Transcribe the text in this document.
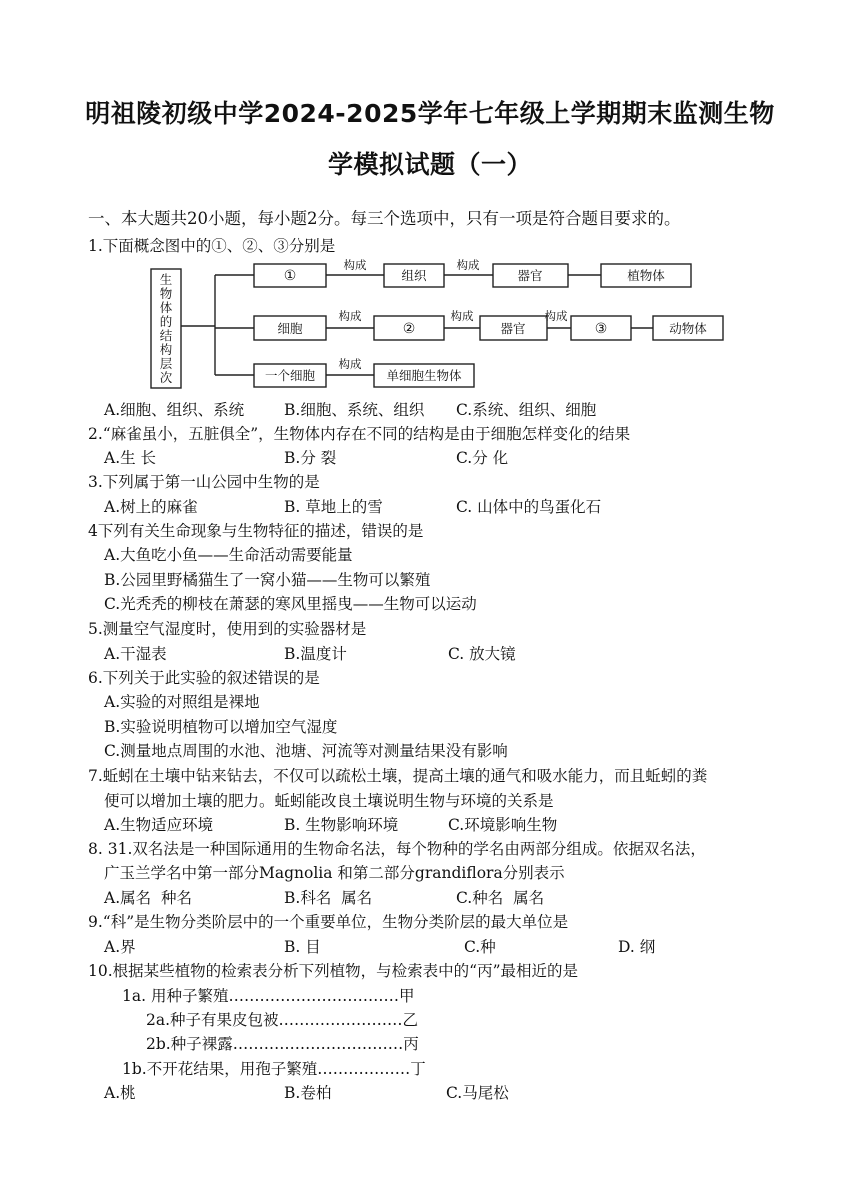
明祖陵初级中学2024-2025学年七年级上学期期末监测生物
学模拟试题（一）
一、本大题共20小题，每小题2分。每三个选项中，只有一项是符合题目要求的。
1.下面概念图中的①、②、③分别是
生
物
体
的
结
构
层
次
①	组织	器官	植物体
构成	构成
细胞	②	器官	③	动物体
构成	构成	构成
一个细胞	单细胞生物体
构成
A.细胞、组织、系统	B.细胞、系统、组织 C.系统、组织、细胞
2.“麻雀虽小，五脏俱全”，生物体内存在不同的结构是由于细胞怎样变化的结果
A.生 长	B.分 裂	C.分 化
3.下列属于第一山公园中生物的是
A.树上的麻雀	B. 草地上的雪	C. 山体中的鸟蛋化石
4下列有关生命现象与生物特征的描述，错误的是
A.大鱼吃小鱼——生命活动需要能量
B.公园里野橘猫生了一窝小猫——生物可以繁殖
C.光秃秃的柳枝在萧瑟的寒风里摇曳——生物可以运动
5.测量空气湿度时，使用到的实验器材是
A.干湿表	B.温度计	C. 放大镜
6.下列关于此实验的叙述错误的是
A.实验的对照组是裸地
B.实验说明植物可以增加空气湿度
C.测量地点周围的水池、池塘、河流等对测量结果没有影响
7.蚯蚓在土壤中钻来钻去，不仅可以疏松土壤，提高土壤的通气和吸水能力，而且蚯蚓的粪
便可以增加土壤的肥力。蚯蚓能改良土壤说明生物与环境的关系是
A.生物适应环境	B. 生物影响环境	C.环境影响生物
8. 31.双名法是一种国际通用的生物命名法，每个物种的学名由两部分组成。依据双名法，
广玉兰学名中第一部分Magnolia 和第二部分grandiflora分别表示
A.属名  种名	B.科名  属名	C.种名  属名
9.“科”是生物分类阶层中的一个重要单位，生物分类阶层的最大单位是
A.界	B. 目	C.种	D. 纲
10.根据某些植物的检索表分析下列植物，与检索表中的“丙”最相近的是
1a. 用种子繁殖……………………………甲
2a.种子有果皮包被……………………乙
2b.种子裸露……………………………丙
1b.不开花结果，用孢子繁殖………………丁
A.桃	B.卷柏	C.马尾松
